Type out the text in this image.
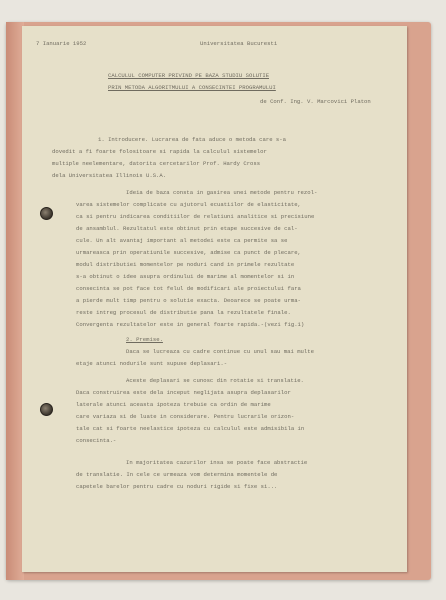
7 Ianuarie 1952	Universitatea Bucuresti
CALCULUL COMPUTER PRIVIND PE BAZA STUDIU SOLUTIE
PRIN METODA ALGORITMULUI A CONSECINTEI PROGRAMULUI
de Conf. Ing. V. Marcovici Platon
1. Introducere. Lucrarea de fata aduce o metoda care s-a
dovedit a fi foarte folositoare si rapida la calculul sistemelor
multiple neelementare, datorita cercetarilor Prof. Hardy Cross
dela Universitatea Illinois U.S.A.
Ideia de baza consta in gasirea unei metode pentru rezol-
varea sistemelor complicate cu ajutorul ecuatiilor de elasticitate,
ca si pentru indicarea conditiilor de relatiuni analitice si precisiune
de ansamblul. Rezultatul este obtinut prin etape succesive de cal-
cule. Un alt avantaj important al metodei este ca permite sa se
urmareasca prin operatiunile succesive, admise ca punct de plecare,
modul distributiei momentelor pe noduri cand in primele rezultate
s-a obtinut o idee asupra ordinului de marime al momentelor si in
consecinta se pot face tot felul de modificari ale proiectului fara
a pierde mult timp pentru o solutie exacta. Deoarece se poate urma-
reste intreg procesul de distributie pana la rezultatele finale.
Convergenta rezultatelor este in general foarte rapida.-(vezi fig.1)
2. Premise.
Daca se lucreaza cu cadre continue cu unul sau mai multe
etaje atunci nodurile sunt supuse deplasari.-
Aceste deplasari se cunosc din rotatie si translatie.
Daca construirea este dela inceput neglijata asupra deplasarilor
laterale atunci aceasta ipoteza trebuie ca ordin de marime
care variaza si de luate in considerare. Pentru lucrarile orizon-
tale cat si foarte neelastice ipoteza cu calculul este admisibila in
consecinta.-
In majoritatea cazurilor insa se poate face abstractie
de translatie. In cele ce urmeaza vom determina momentele de
capetele barelor pentru cadre cu noduri rigide si fixe si...
